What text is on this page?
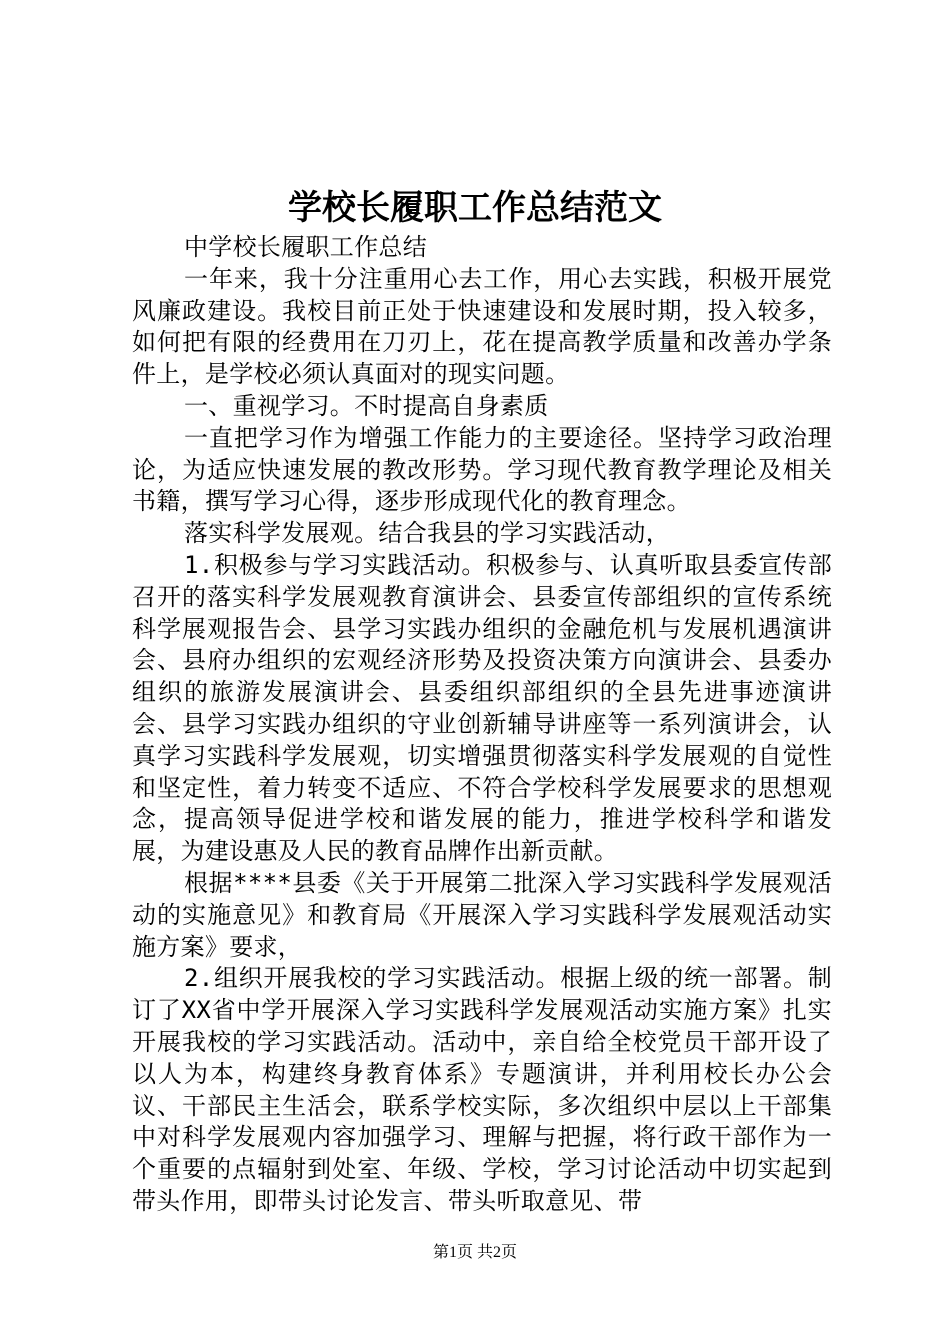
学校长履职工作总结范文

中学校长履职工作总结

一年来，我十分注重用心去工作，用心去实践，积极开展党风廉政建设。我校目前正处于快速建设和发展时期，投入较多，如何把有限的经费用在刀刃上，花在提高教学质量和改善办学条件上，是学校必须认真面对的现实问题。

一、重视学习。不时提高自身素质

一直把学习作为增强工作能力的主要途径。坚持学习政治理论，为适应快速发展的教改形势。学习现代教育教学理论及相关书籍，撰写学习心得，逐步形成现代化的教育理念。

落实科学发展观。结合我县的学习实践活动，

1.积极参与学习实践活动。积极参与、认真听取县委宣传部召开的落实科学发展观教育演讲会、县委宣传部组织的宣传系统科学展观报告会、县学习实践办组织的金融危机与发展机遇演讲会、县府办组织的宏观经济形势及投资决策方向演讲会、县委办组织的旅游发展演讲会、县委组织部组织的全县先进事迹演讲会、县学习实践办组织的守业创新辅导讲座等一系列演讲会，认真学习实践科学发展观，切实增强贯彻落实科学发展观的自觉性和坚定性，着力转变不适应、不符合学校科学发展要求的思想观念，提高领导促进学校和谐发展的能力，推进学校科学和谐发展，为建设惠及人民的教育品牌作出新贡献。

根据****县委《关于开展第二批深入学习实践科学发展观活动的实施意见》和教育局《开展深入学习实践科学发展观活动实施方案》要求，

2.组织开展我校的学习实践活动。根据上级的统一部署。制订了XX省中学开展深入学习实践科学发展观活动实施方案》扎实开展我校的学习实践活动。活动中，亲自给全校党员干部开设了以人为本，构建终身教育体系》专题演讲，并利用校长办公会议、干部民主生活会，联系学校实际，多次组织中层以上干部集中对科学发展观内容加强学习、理解与把握，将行政干部作为一个重要的点辐射到处室、年级、学校，学习讨论活动中切实起到带头作用，即带头讨论发言、带头听取意见、带

第1页 共2页
